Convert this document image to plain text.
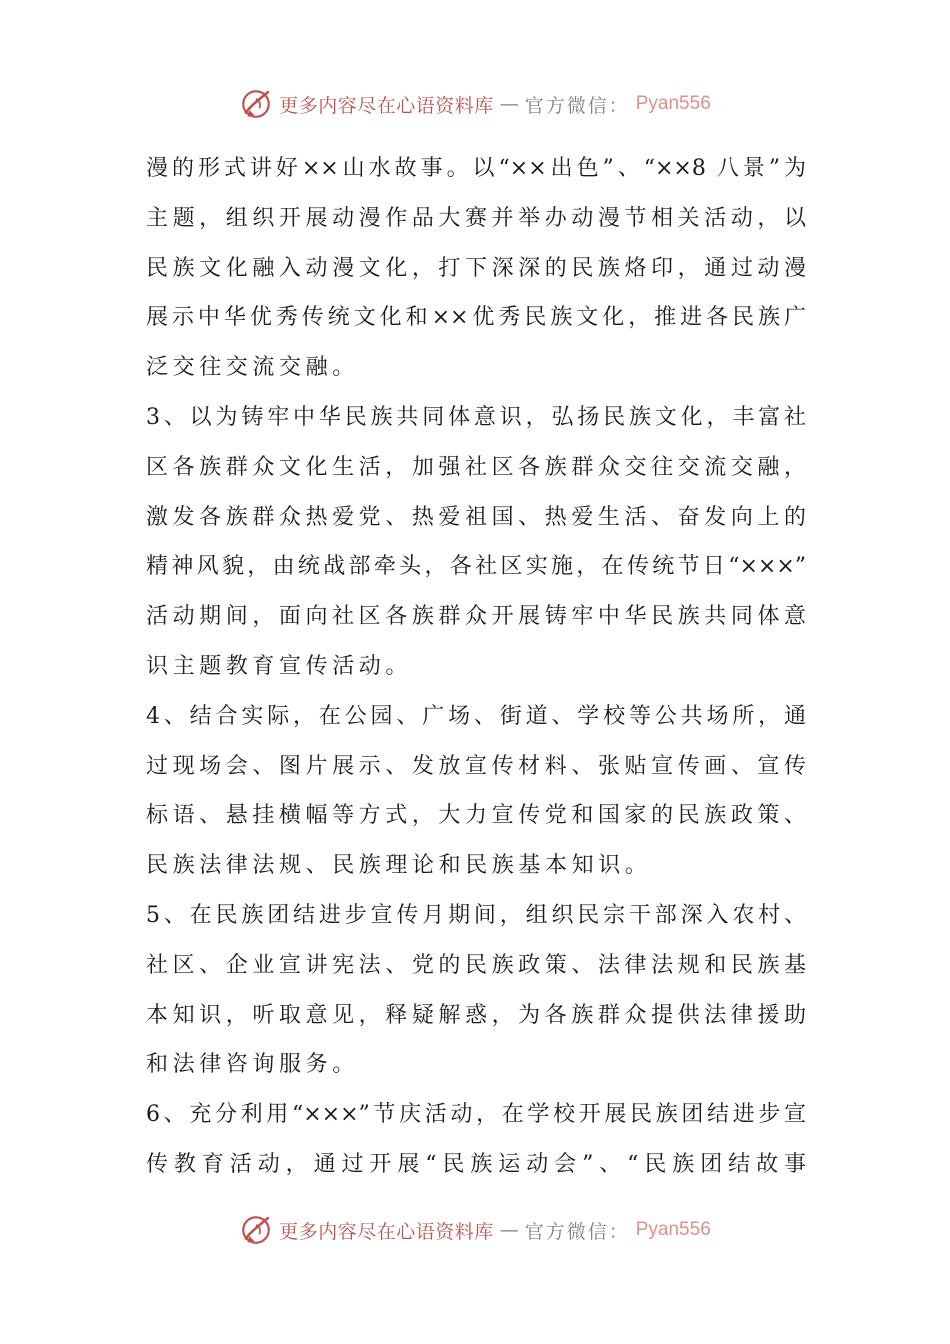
更多内容尽在心语资料库 — 官方微信： Pyan556
漫的形式讲好××山水故事。以“××出色”、“××8 八景”为
主题，组织开展动漫作品大赛并举办动漫节相关活动，以
民族文化融入动漫文化，打下深深的民族烙印，通过动漫
展示中华优秀传统文化和××优秀民族文化，推进各民族广
泛交往交流交融。
3、以为铸牢中华民族共同体意识，弘扬民族文化，丰富社
区各族群众文化生活，加强社区各族群众交往交流交融，
激发各族群众热爱党、热爱祖国、热爱生活、奋发向上的
精神风貌，由统战部牵头，各社区实施，在传统节日“×××”
活动期间，面向社区各族群众开展铸牢中华民族共同体意
识主题教育宣传活动。
4、结合实际，在公园、广场、街道、学校等公共场所，通
过现场会、图片展示、发放宣传材料、张贴宣传画、宣传
标语、悬挂横幅等方式，大力宣传党和国家的民族政策、
民族法律法规、民族理论和民族基本知识。
5、在民族团结进步宣传月期间，组织民宗干部深入农村、
社区、企业宣讲宪法、党的民族政策、法律法规和民族基
本知识，听取意见，释疑解惑，为各族群众提供法律援助
和法律咨询服务。
6、充分利用“×××”节庆活动，在学校开展民族团结进步宣
传教育活动，通过开展“民族运动会”、“民族团结故事
更多内容尽在心语资料库 — 官方微信： Pyan556
